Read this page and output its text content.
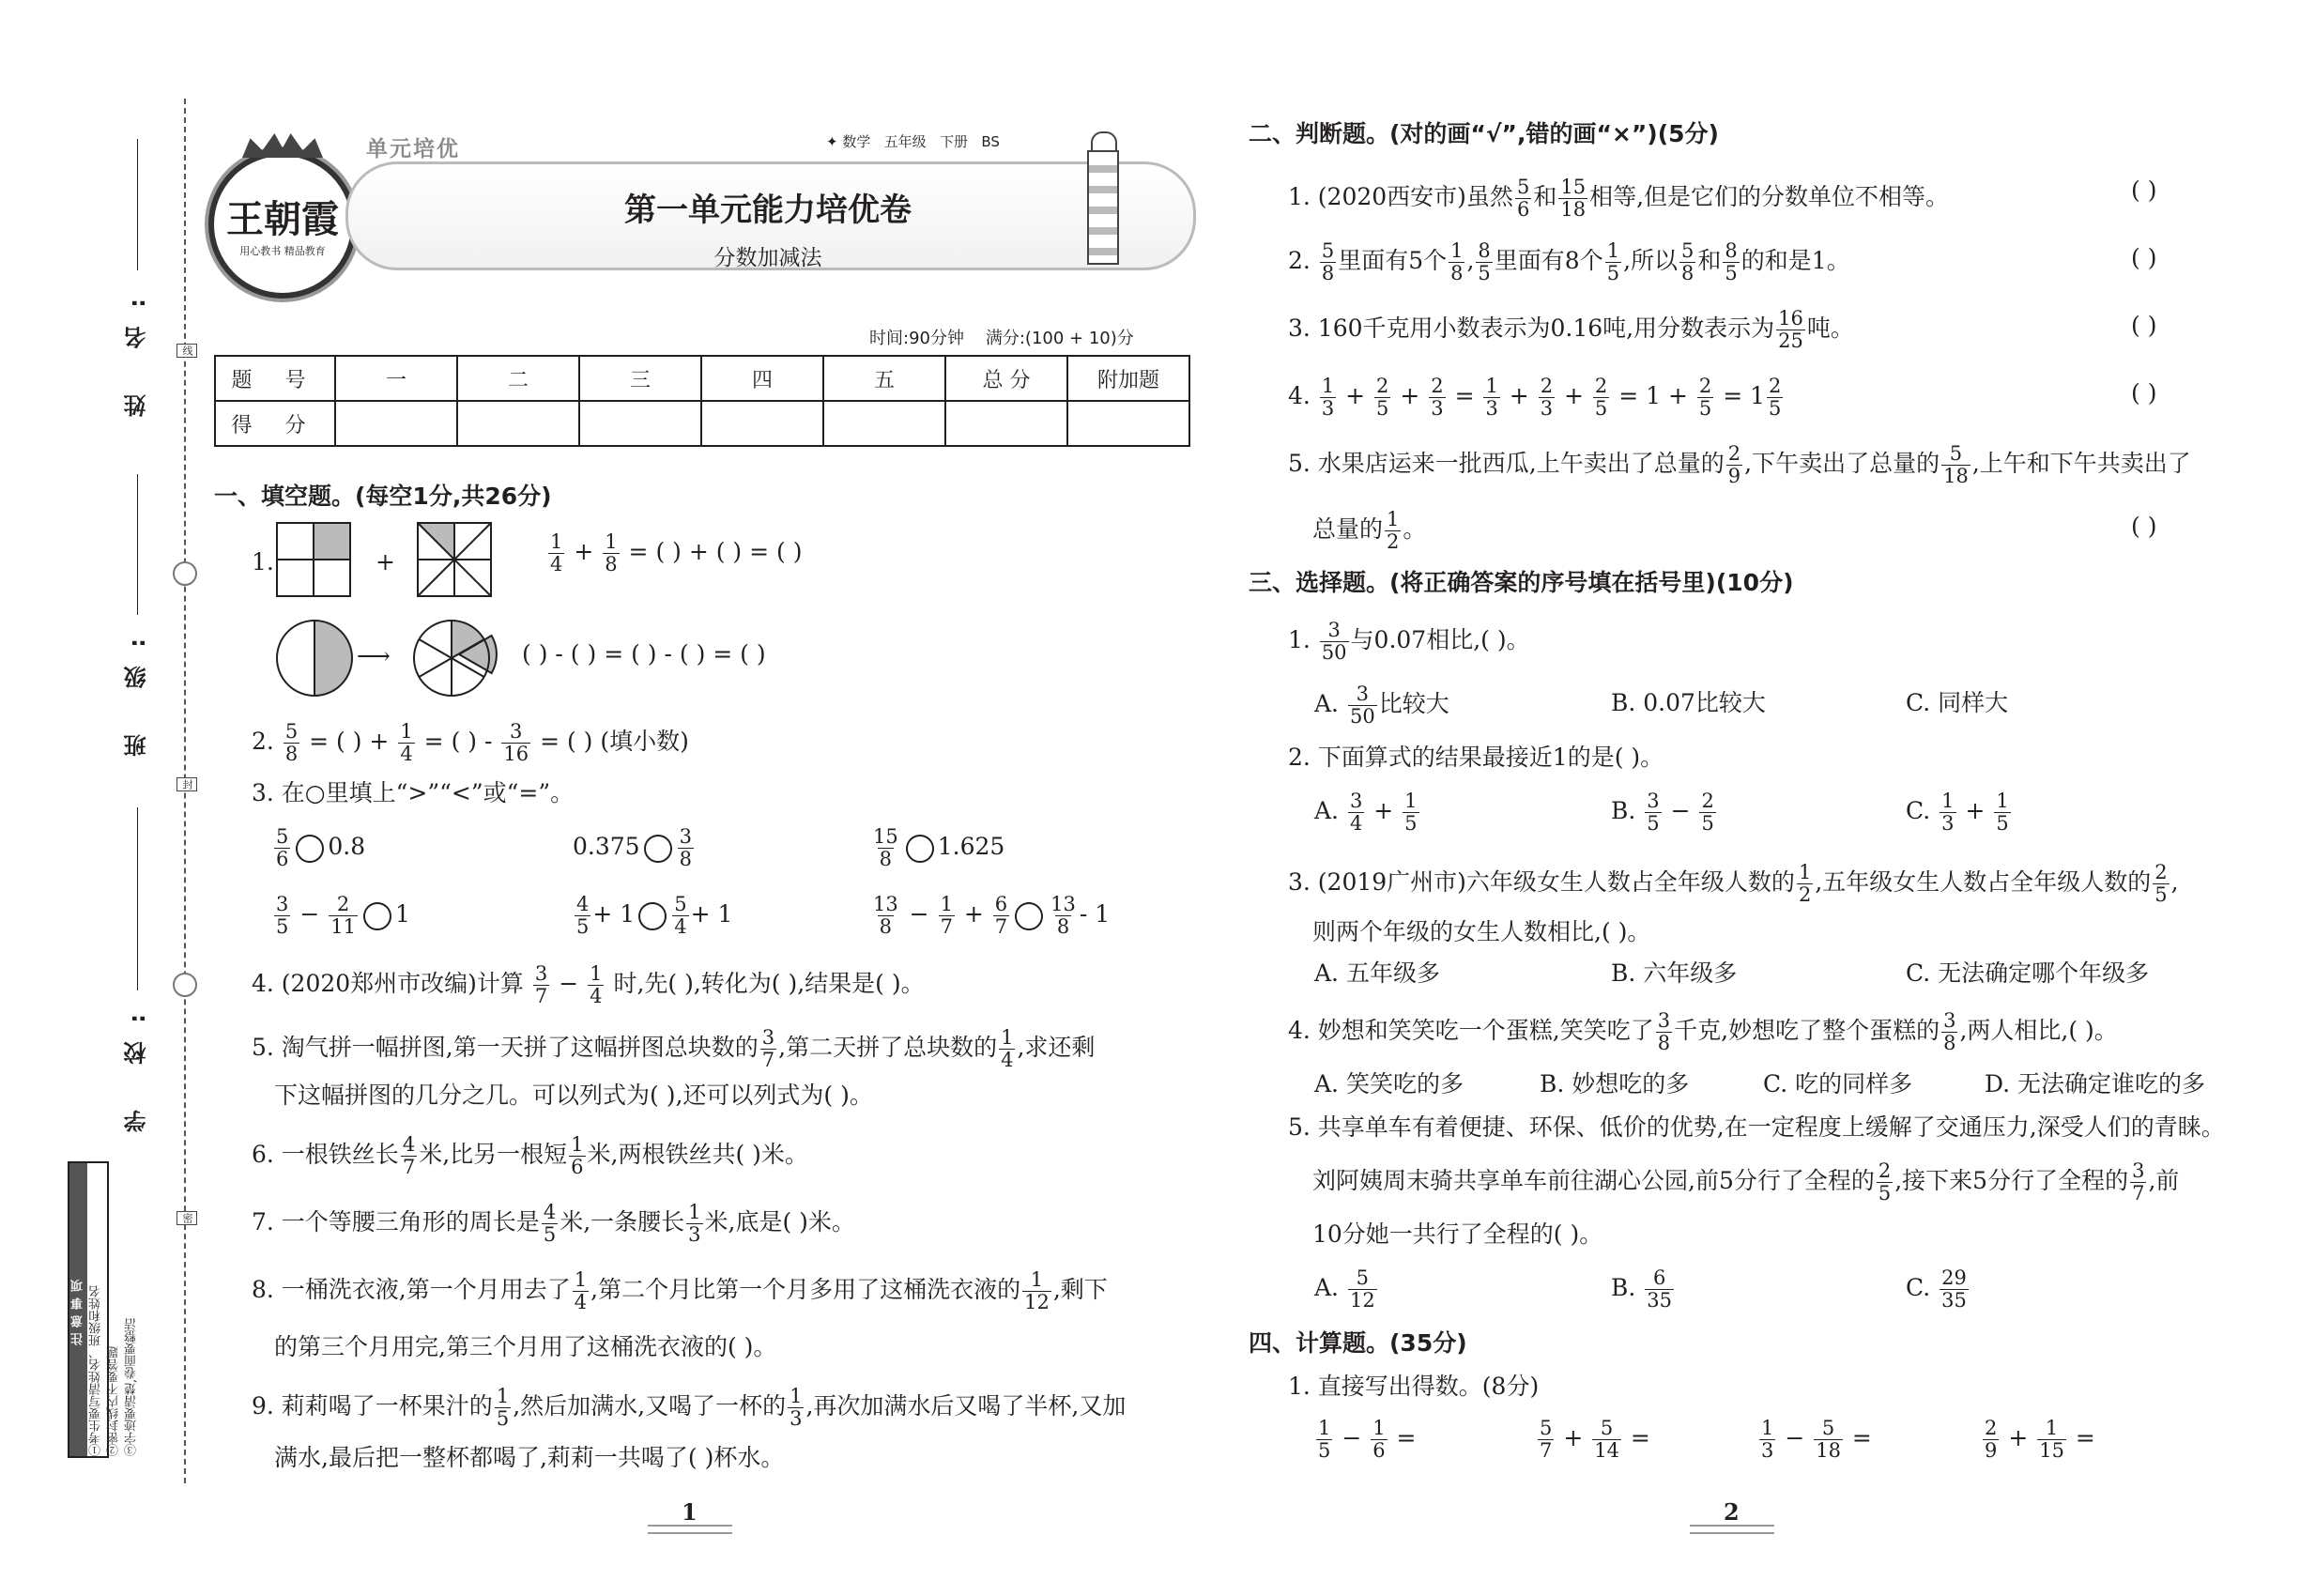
线
封
密
姓 名:
班 级:
学 校:
注意事项 ①考生要写清姓名、班级和姓名 ②密封线内不要答题 ③字迹要清楚,卷面要整洁
王朝霞
用心教书 精品教育
单元培优	✦ 数学 五年级 下册 BS
第一单元能力培优卷
分数加减法
时间:90分钟 满分:(100 + 10)分
题 号	一	二	三	四	五	总 分	附加题
得 分							
一、填空题。(每空1分,共26分)
1.	+	$\frac{1}{4} + \frac{1}{8}$ = ( ) + ( ) = ( )
⟶	( ) - ( ) = ( ) - ( ) = ( )
2. $\frac{5}{8}$ = ( ) + $\frac{1}{4}$ = ( ) - $\frac{3}{16}$ = ( ) (填小数)
3. 在○里填上“>”“<”或“=”。
$\frac{5}{6} 0.8$	$0.375 \frac{3}{8}$	$\frac{15}{8} 1.625$
$\frac{3}{5} - \frac{2}{11} 1$	$\frac{4}{5} + 1 \frac{5}{4} + 1$	$\frac{13}{8} - \frac{1}{7} + \frac{6}{7} \frac{13}{8} - 1$
4. (2020郑州市改编)计算 $\frac{3}{7} - \frac{1}{4}$ 时,先( ),转化为( ),结果是( )。
5. 淘气拼一幅拼图,第一天拼了这幅拼图总块数的 $\frac{3}{7}$ ,第二天拼了总块数的 $\frac{1}{4}$ ,求还剩
下这幅拼图的几分之几。可以列式为( ),还可以列式为( )。
6. 一根铁丝长 $\frac{4}{7}$ 米,比另一根短 $\frac{1}{6}$ 米,两根铁丝共( )米。
7. 一个等腰三角形的周长是 $\frac{4}{5}$ 米,一条腰长 $\frac{1}{3}$ 米,底是( )米。
8. 一桶洗衣液,第一个月用去了 $\frac{1}{4}$ ,第二个月比第一个月多用了这桶洗衣液的 $\frac{1}{12}$ ,剩下
的第三个月用完,第三个月用了这桶洗衣液的( )。
9. 莉莉喝了一杯果汁的 $\frac{1}{5}$ ,然后加满水,又喝了一杯的 $\frac{1}{3}$ ,再次加满水后又喝了半杯,又加
满水,最后把一整杯都喝了,莉莉一共喝了( )杯水。
1
二、判断题。(对的画“√”,错的画“×”)(5分)
1. (2020西安市)虽然 $\frac{5}{6}$ 和 $\frac{15}{18}$ 相等,但是它们的分数单位不相等。	( )
2. $\frac{5}{8}$ 里面有5个 $\frac{1}{8}$ , $\frac{8}{5}$ 里面有8个 $\frac{1}{5}$ ,所以 $\frac{5}{8}$ 和 $\frac{8}{5}$ 的和是1。	( )
3. 160千克用小数表示为0.16吨,用分数表示为 $\frac{16}{25}$ 吨。	( )
4. $\frac{1}{3} + \frac{2}{5} + \frac{2}{3} = \frac{1}{3} + \frac{2}{3} + \frac{2}{5} = 1 + \frac{2}{5} = 1 \frac{2}{5}$	( )
5. 水果店运来一批西瓜,上午卖出了总量的 $\frac{2}{9}$ ,下午卖出了总量的 $\frac{5}{18}$ ,上午和下午共卖出了
总量的 $\frac{1}{2}$ 。	( )
三、选择题。(将正确答案的序号填在括号里)(10分)
1. $\frac{3}{50}$ 与0.07相比,( )。
A. $\frac{3}{50}$ 比较大	B. 0.07比较大	C. 同样大
2. 下面算式的结果最接近1的是( )。
A. $\frac{3}{4} + \frac{1}{5}$	B. $\frac{3}{5} - \frac{2}{5}$	C. $\frac{1}{3} + \frac{1}{5}$
3. (2019广州市)六年级女生人数占全年级人数的 $\frac{1}{2}$ ,五年级女生人数占全年级人数的 $\frac{2}{5}$ ,
则两个年级的女生人数相比,( )。
A. 五年级多	B. 六年级多	C. 无法确定哪个年级多
4. 妙想和笑笑吃一个蛋糕,笑笑吃了 $\frac{3}{8}$ 千克,妙想吃了整个蛋糕的 $\frac{3}{8}$ ,两人相比,( )。
A. 笑笑吃的多	B. 妙想吃的多	C. 吃的同样多	D. 无法确定谁吃的多
5. 共享单车有着便捷、环保、低价的优势,在一定程度上缓解了交通压力,深受人们的青睐。
刘阿姨周末骑共享单车前往湖心公园,前5分行了全程的 $\frac{2}{5}$ ,接下来5分行了全程的 $\frac{3}{7}$ ,前
10分她一共行了全程的( )。
A. $\frac{5}{12}$	B. $\frac{6}{35}$	C. $\frac{29}{35}$
四、计算题。(35分)
1. 直接写出得数。(8分)
$\frac{1}{5} - \frac{1}{6}$ =	$\frac{5}{7} + \frac{5}{14}$ =	$\frac{1}{3} - \frac{5}{18}$ =	$\frac{2}{9} + \frac{1}{15}$ =
2
